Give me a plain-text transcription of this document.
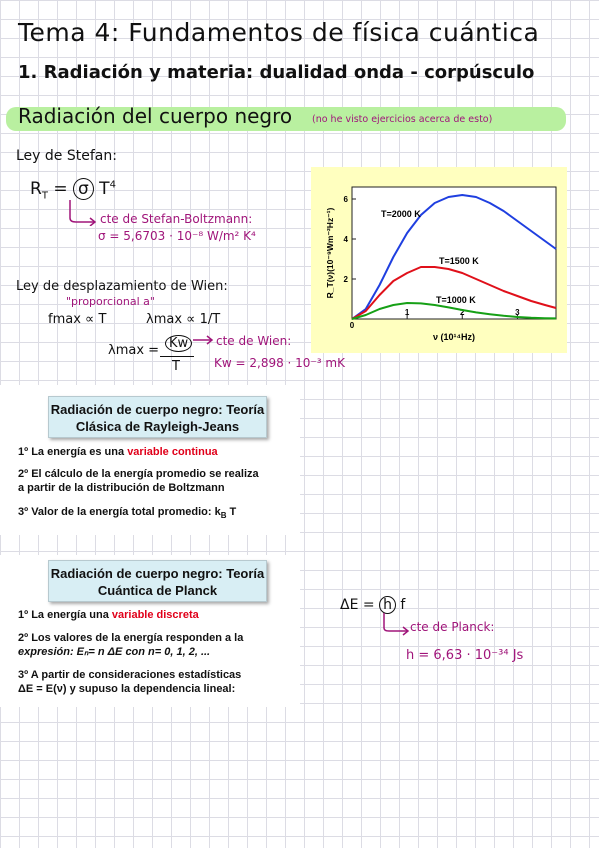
Tema 4: Fundamentos de física cuántica
1. Radiación y materia: dualidad onda - corpúsculo
Radiación del cuerpo negro (no he visto ejercicios acerca de esto)
Ley de Stefan:
$R_T = \sigma$ $T^4$
cte de Stefan-Boltzmann:
σ = 5,6703 · 10⁻⁸ W/m² K⁴
Ley de desplazamiento de Wien:
"proporcional a"
fmax ∝ T	λmax ∝ 1/T
λmax = Kw
T
cte de Wien:
Kw = 2,898 · 10⁻³ mK
0
1	2	3
2
4
6
T=2000 K
T=1500 K
T=1000 K
ν (10¹⁴Hz)
R_T(ν)(10⁻⁹Wm⁻²Hz⁻¹)
Radiación de cuerpo negro: Teoría
Clásica de Rayleigh-Jeans
1º La energía es una variable continua
2º El cálculo de la energía promedio se realiza
a partir de la distribución de Boltzmann
3º Valor de la energía total promedio: $k_B$ T
Radiación de cuerpo negro: Teoría
Cuántica de Planck
1º La energía una variable discreta
2º Los valores de la energía responden a la
expresión: Eₙ= n ΔE con n= 0, 1, 2, ...
3º A partir de consideraciones estadísticas
ΔE = E(ν) y supuso la dependencia lineal:
ΔE = h f
cte de Planck:
h = 6,63 · 10⁻³⁴ Js
